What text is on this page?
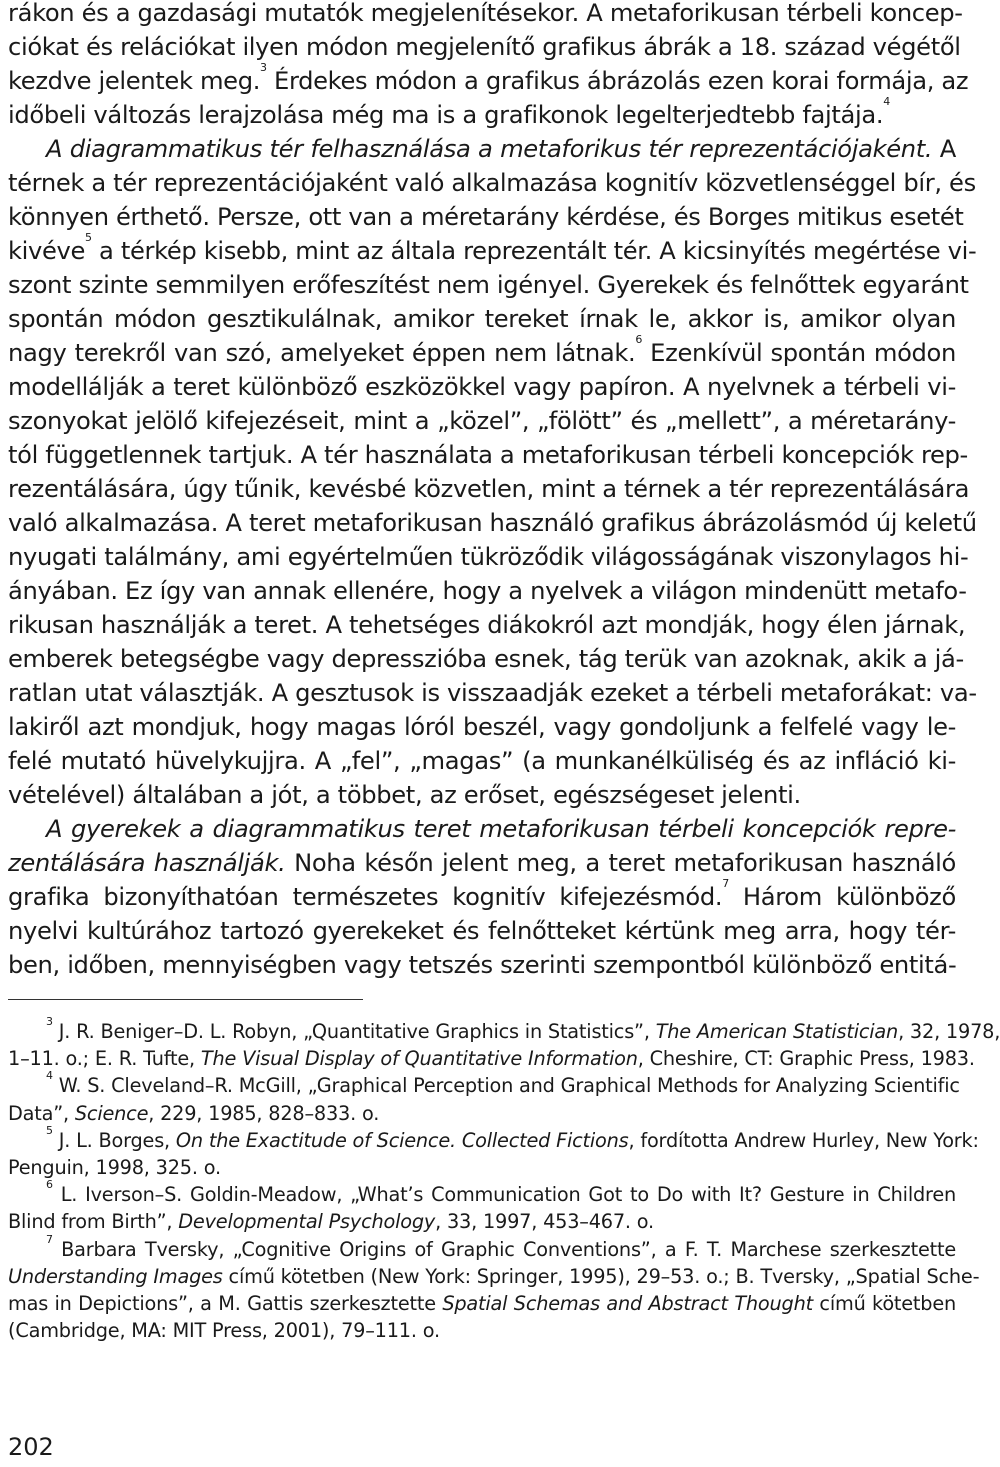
rákon és a gazdasági mutatók megjelenítésekor. A metaforikusan térbeli koncep-
ciókat és relációkat ilyen módon megjelenítő grafikus ábrák a 18. század végétől
kezdve jelentek meg.$^3$ Érdekes módon a grafikus ábrázolás ezen korai formája, az
időbeli változás lerajzolása még ma is a grafikonok legelterjedtebb fajtája.$^4$
A diagrammatikus tér felhasználása a metaforikus tér reprezentációjaként. A
térnek a tér reprezentációjaként való alkalmazása kognitív közvetlenséggel bír, és
könnyen érthető. Persze, ott van a méretarány kérdése, és Borges mitikus esetét
kivéve$^5$ a térkép kisebb, mint az általa reprezentált tér. A kicsinyítés megértése vi-
szont szinte semmilyen erőfeszítést nem igényel. Gyerekek és felnőttek egyaránt
spontán módon gesztikulálnak, amikor tereket írnak le, akkor is, amikor olyan
nagy terekről van szó, amelyeket éppen nem látnak.$^6$ Ezenkívül spontán módon
modellálják a teret különböző eszközökkel vagy papíron. A nyelvnek a térbeli vi-
szonyokat jelölő kifejezéseit, mint a „közel”, „fölött” és „mellett”, a méretarány-
tól függetlennek tartjuk. A tér használata a metaforikusan térbeli koncepciók rep-
rezentálására, úgy tűnik, kevésbé közvetlen, mint a térnek a tér reprezentálására
való alkalmazása. A teret metaforikusan használó grafikus ábrázolásmód új keletű
nyugati találmány, ami egyértelműen tükröződik világosságának viszonylagos hi-
ányában. Ez így van annak ellenére, hogy a nyelvek a világon mindenütt metafo-
rikusan használják a teret. A tehetséges diákokról azt mondják, hogy élen járnak,
emberek betegségbe vagy depresszióba esnek, tág terük van azoknak, akik a já-
ratlan utat választják. A gesztusok is visszaadják ezeket a térbeli metaforákat: va-
lakiről azt mondjuk, hogy magas lóról beszél, vagy gondoljunk a felfelé vagy le-
felé mutató hüvelykujjra. A „fel”, „magas” (a munkanélküliség és az infláció ki-
vételével) általában a jót, a többet, az erőset, egészségeset jelenti.
A gyerekek a diagrammatikus teret metaforikusan térbeli koncepciók repre-
zentálására használják. Noha későn jelent meg, a teret metaforikusan használó
grafika bizonyíthatóan természetes kognitív kifejezésmód.$^7$ Három különböző
nyelvi kultúrához tartozó gyerekeket és felnőtteket kértünk meg arra, hogy tér-
ben, időben, mennyiségben vagy tetszés szerinti szempontból különböző entitá-
$^3$ J. R. Beniger–D. L. Robyn, „Quantitative Graphics in Statistics”, The American Statistician, 32, 1978,
1–11. o.; E. R. Tufte, The Visual Display of Quantitative Information, Cheshire, CT: Graphic Press, 1983.
$^4$ W. S. Cleveland–R. McGill, „Graphical Perception and Graphical Methods for Analyzing Scientific
Data”, Science, 229, 1985, 828–833. o.
$^5$ J. L. Borges, On the Exactitude of Science. Collected Fictions, fordította Andrew Hurley, New York:
Penguin, 1998, 325. o.
$^6$ L. Iverson–S. Goldin-Meadow, „What’s Communication Got to Do with It? Gesture in Children
Blind from Birth”, Developmental Psychology, 33, 1997, 453–467. o.
$^7$ Barbara Tversky, „Cognitive Origins of Graphic Conventions”, a F. T. Marchese szerkesztette
Understanding Images című kötetben (New York: Springer, 1995), 29–53. o.; B. Tversky, „Spatial Sche-
mas in Depictions”, a M. Gattis szerkesztette Spatial Schemas and Abstract Thought című kötetben
(Cambridge, MA: MIT Press, 2001), 79–111. o.
202
